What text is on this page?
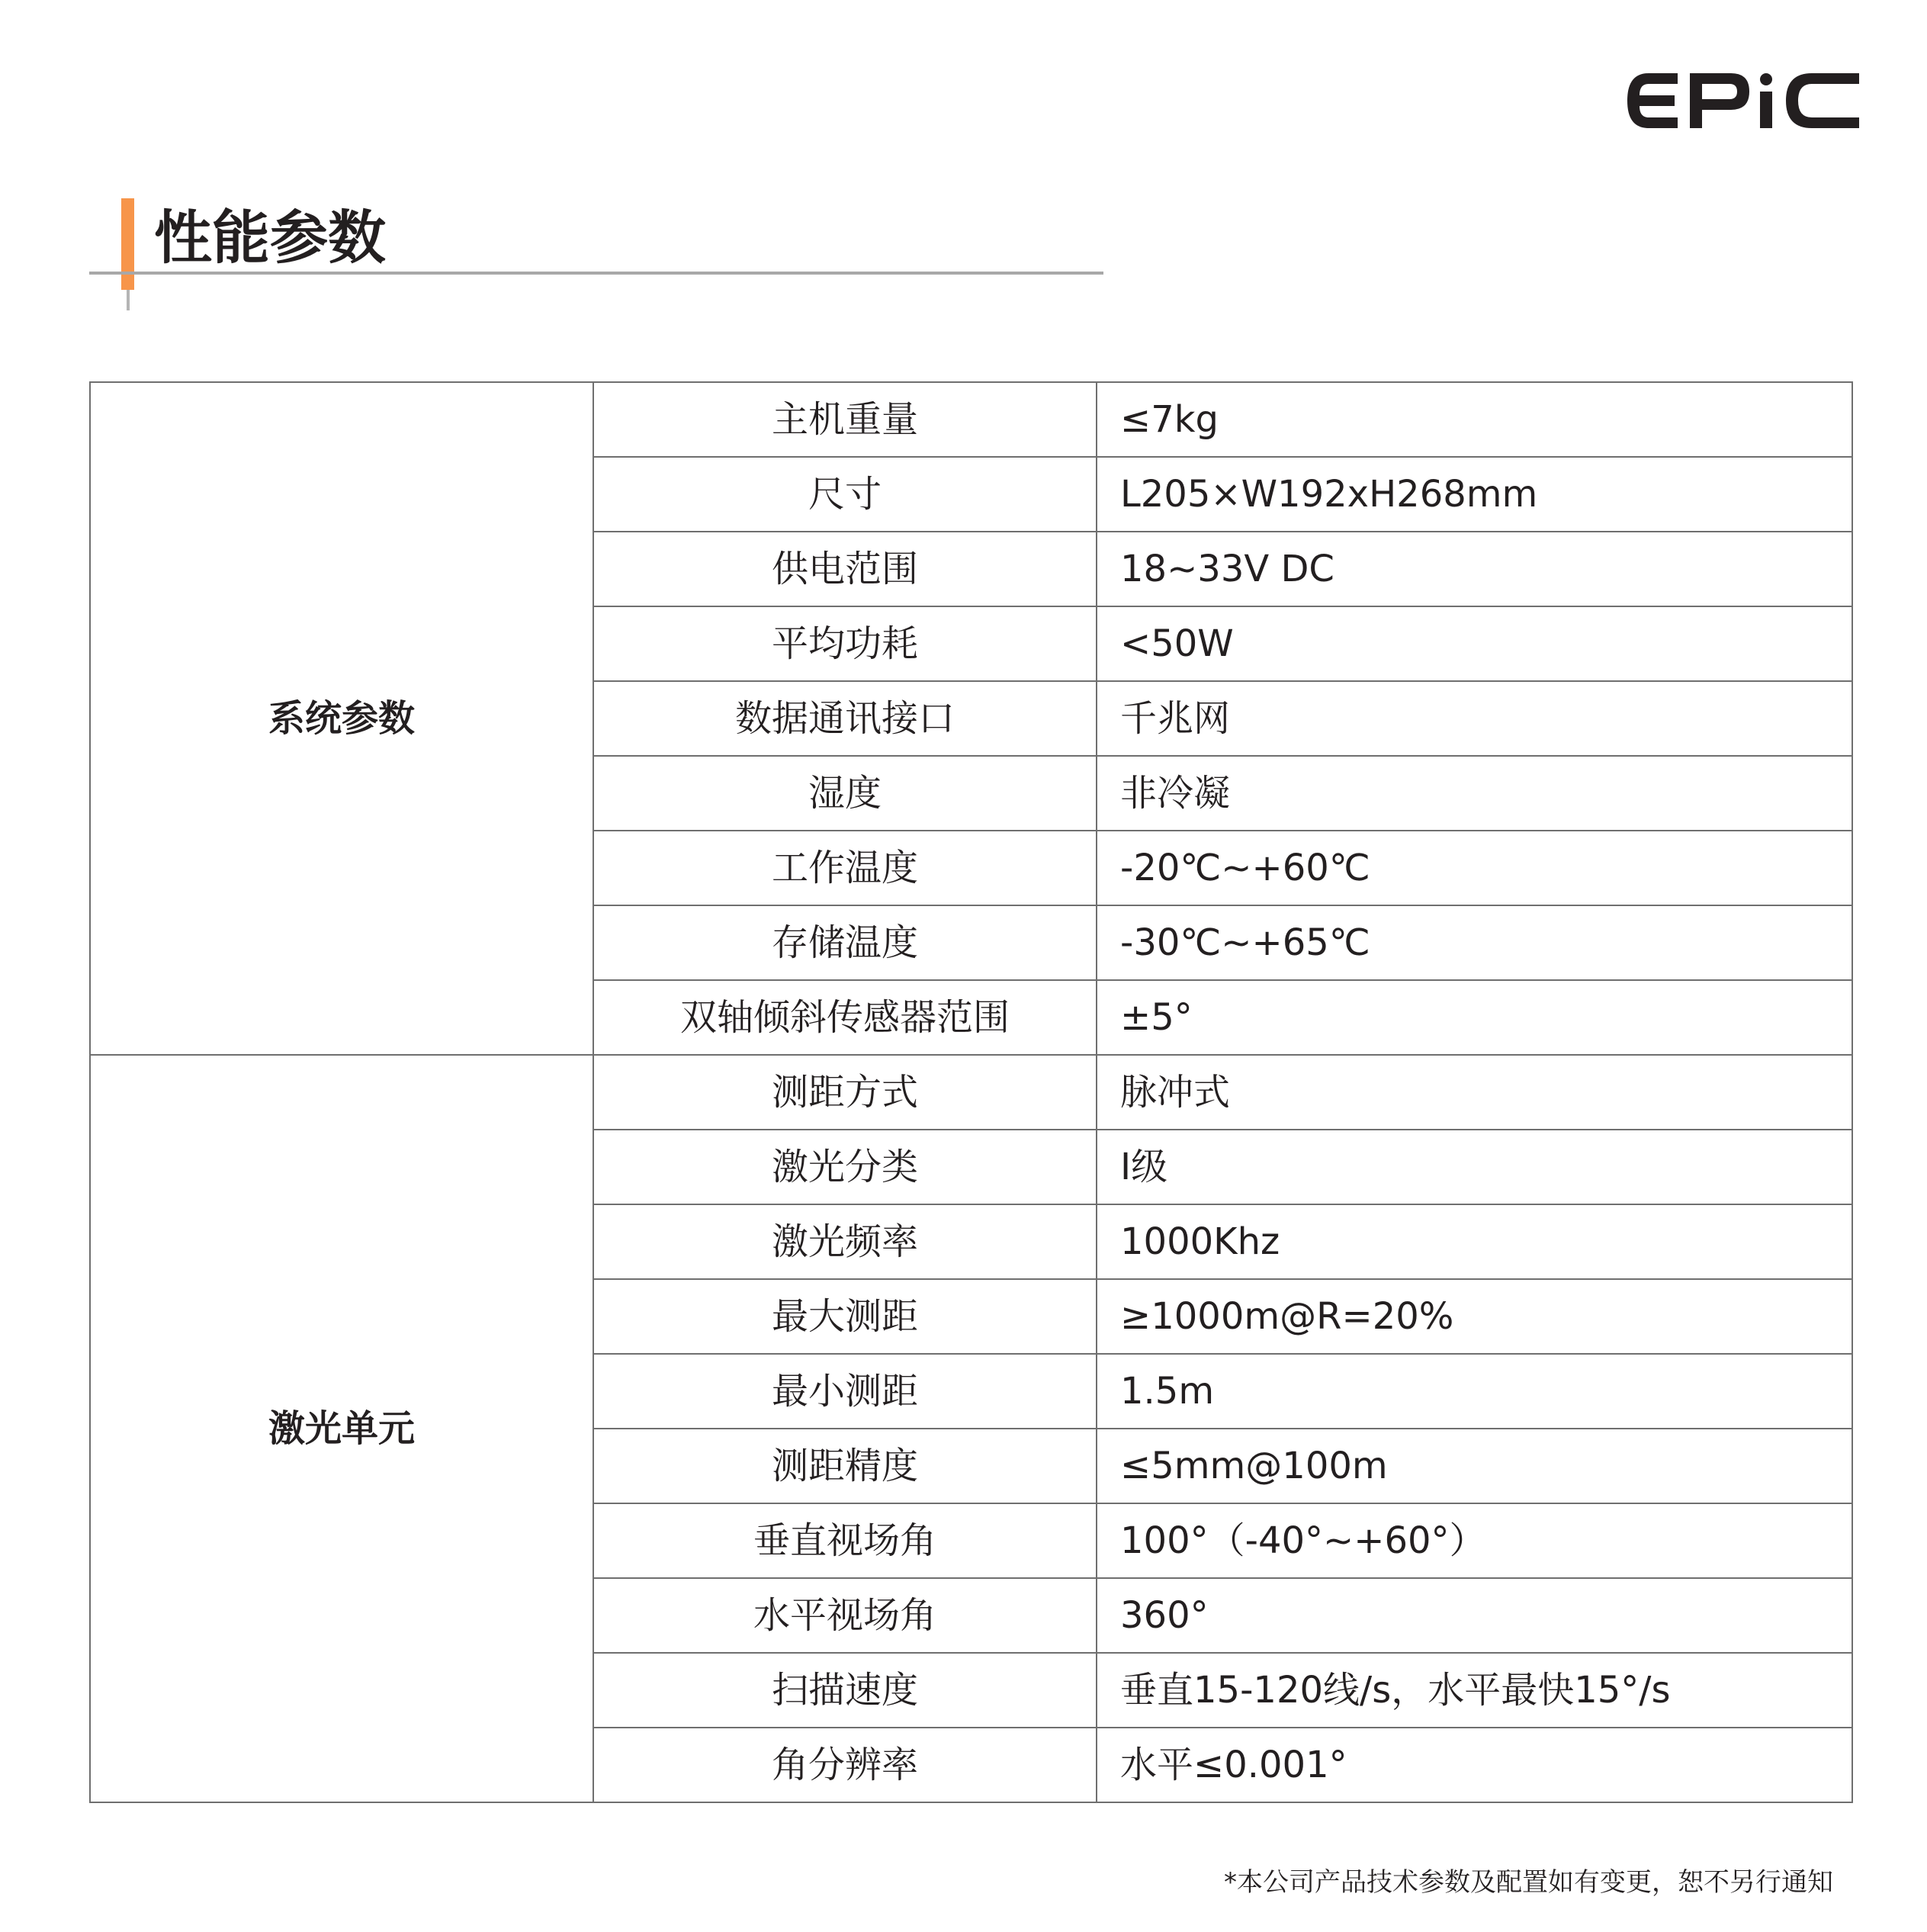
性能参数
系统参数	主机重量	≤7kg
	尺寸	L205×W192xH268mm
	供电范围	18~33V DC
	平均功耗	<50W
	数据通讯接口	千兆网
	湿度	非冷凝
	工作温度	-20℃~+60℃
	存储温度	-30℃~+65℃
	双轴倾斜传感器范围	±5°
激光单元	测距方式	脉冲式
	激光分类	I级
	激光频率	1000Khz
	最大测距	≥1000m@R=20%
	最小测距	1.5m
	测距精度	≤5mm@100m
	垂直视场角	100°（-40°~+60°）
	水平视场角	360°
	扫描速度	垂直15-120线/s，水平最快15°/s
	角分辨率	水平≤0.001°
*本公司产品技术参数及配置如有变更，恕不另行通知
